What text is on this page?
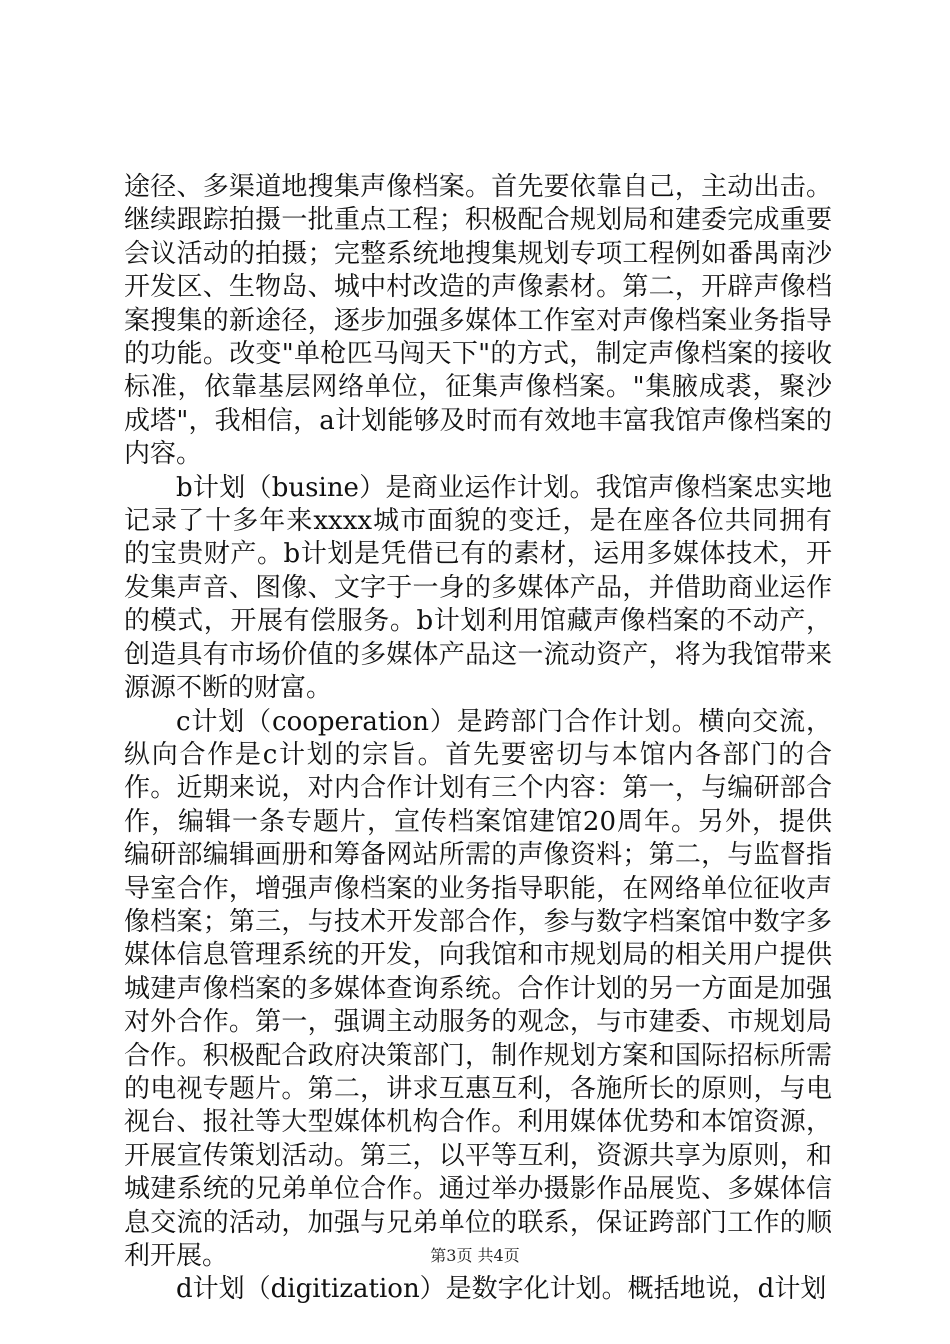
途径、多渠道地搜集声像档案。首先要依靠自己，主动出击。继续跟踪拍摄一批重点工程；积极配合规划局和建委完成重要会议活动的拍摄；完整系统地搜集规划专项工程例如番禺南沙开发区、生物岛、城中村改造的声像素材。第二，开辟声像档案搜集的新途径，逐步加强多媒体工作室对声像档案业务指导的功能。改变"单枪匹马闯天下"的方式，制定声像档案的接收标准，依靠基层网络单位，征集声像档案。"集腋成裘，聚沙成塔"，我相信，a计划能够及时而有效地丰富我馆声像档案的内容。

b计划（busine）是商业运作计划。我馆声像档案忠实地记录了十多年来xxxx城市面貌的变迁，是在座各位共同拥有的宝贵财产。b计划是凭借已有的素材，运用多媒体技术，开发集声音、图像、文字于一身的多媒体产品，并借助商业运作的模式，开展有偿服务。b计划利用馆藏声像档案的不动产，创造具有市场价值的多媒体产品这一流动资产，将为我馆带来源源不断的财富。

c计划（cooperation）是跨部门合作计划。横向交流，纵向合作是c计划的宗旨。首先要密切与本馆内各部门的合作。近期来说，对内合作计划有三个内容：第一，与编研部合作，编辑一条专题片，宣传档案馆建馆20周年。另外，提供编研部编辑画册和筹备网站所需的声像资料；第二，与监督指导室合作，增强声像档案的业务指导职能，在网络单位征收声像档案；第三，与技术开发部合作，参与数字档案馆中数字多媒体信息管理系统的开发，向我馆和市规划局的相关用户提供城建声像档案的多媒体查询系统。合作计划的另一方面是加强对外合作。第一，强调主动服务的观念，与市建委、市规划局合作。积极配合政府决策部门，制作规划方案和国际招标所需的电视专题片。第二，讲求互惠互利，各施所长的原则，与电视台、报社等大型媒体机构合作。利用媒体优势和本馆资源，开展宣传策划活动。第三，以平等互利，资源共享为原则，和城建系统的兄弟单位合作。通过举办摄影作品展览、多媒体信息交流的活动，加强与兄弟单位的联系，保证跨部门工作的顺利开展。

d计划（digitization）是数字化计划。概括地说，d计划

第3页 共4页
